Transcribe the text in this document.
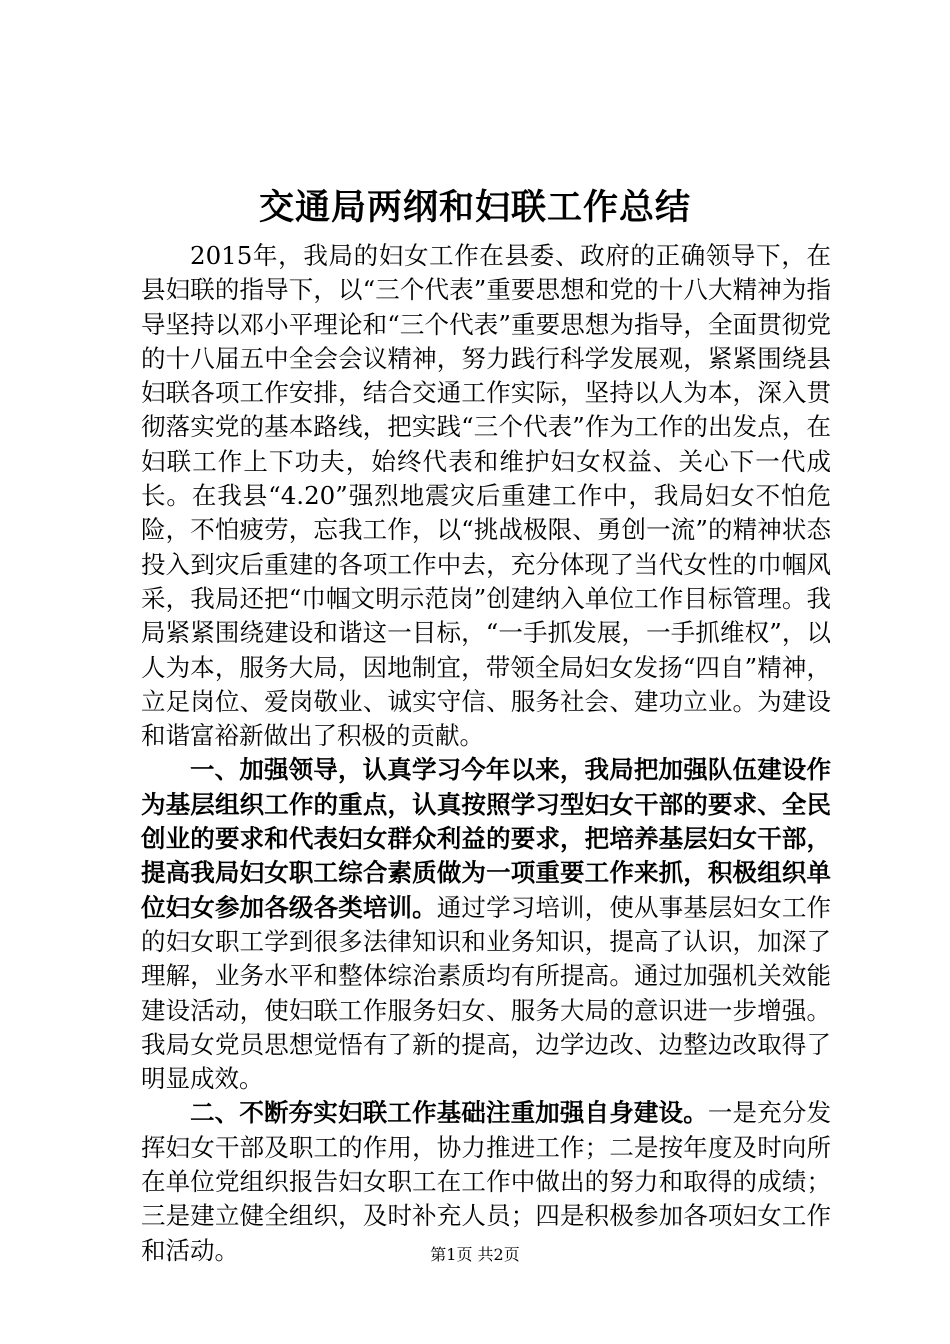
交通局两纲和妇联工作总结

2015年，我局的妇女工作在县委、政府的正确领导下，在县妇联的指导下，以“三个代表”重要思想和党的十八大精神为指导坚持以邓小平理论和“三个代表”重要思想为指导，全面贯彻党的十八届五中全会会议精神，努力践行科学发展观，紧紧围绕县妇联各项工作安排，结合交通工作实际，坚持以人为本，深入贯彻落实党的基本路线，把实践“三个代表”作为工作的出发点，在妇联工作上下功夫，始终代表和维护妇女权益、关心下一代成长。在我县“4.20”强烈地震灾后重建工作中，我局妇女不怕危险，不怕疲劳，忘我工作，以“挑战极限、勇创一流”的精神状态投入到灾后重建的各项工作中去，充分体现了当代女性的巾帼风采，我局还把“巾帼文明示范岗”创建纳入单位工作目标管理。我局紧紧围绕建设和谐这一目标，“一手抓发展，一手抓维权”，以人为本，服务大局，因地制宜，带领全局妇女发扬“四自”精神，立足岗位、爱岗敬业、诚实守信、服务社会、建功立业。为建设和谐富裕新做出了积极的贡献。

一、加强领导，认真学习今年以来，我局把加强队伍建设作为基层组织工作的重点，认真按照学习型妇女干部的要求、全民创业的要求和代表妇女群众利益的要求，把培养基层妇女干部，提高我局妇女职工综合素质做为一项重要工作来抓，积极组织单位妇女参加各级各类培训。通过学习培训，使从事基层妇女工作的妇女职工学到很多法律知识和业务知识，提高了认识，加深了理解，业务水平和整体综治素质均有所提高。通过加强机关效能建设活动，使妇联工作服务妇女、服务大局的意识进一步增强。我局女党员思想觉悟有了新的提高，边学边改、边整边改取得了明显成效。

二、不断夯实妇联工作基础注重加强自身建设。一是充分发挥妇女干部及职工的作用，协力推进工作；二是按年度及时向所在单位党组织报告妇女职工在工作中做出的努力和取得的成绩；三是建立健全组织，及时补充人员；四是积极参加各项妇女工作和活动。	第1页 共2页
